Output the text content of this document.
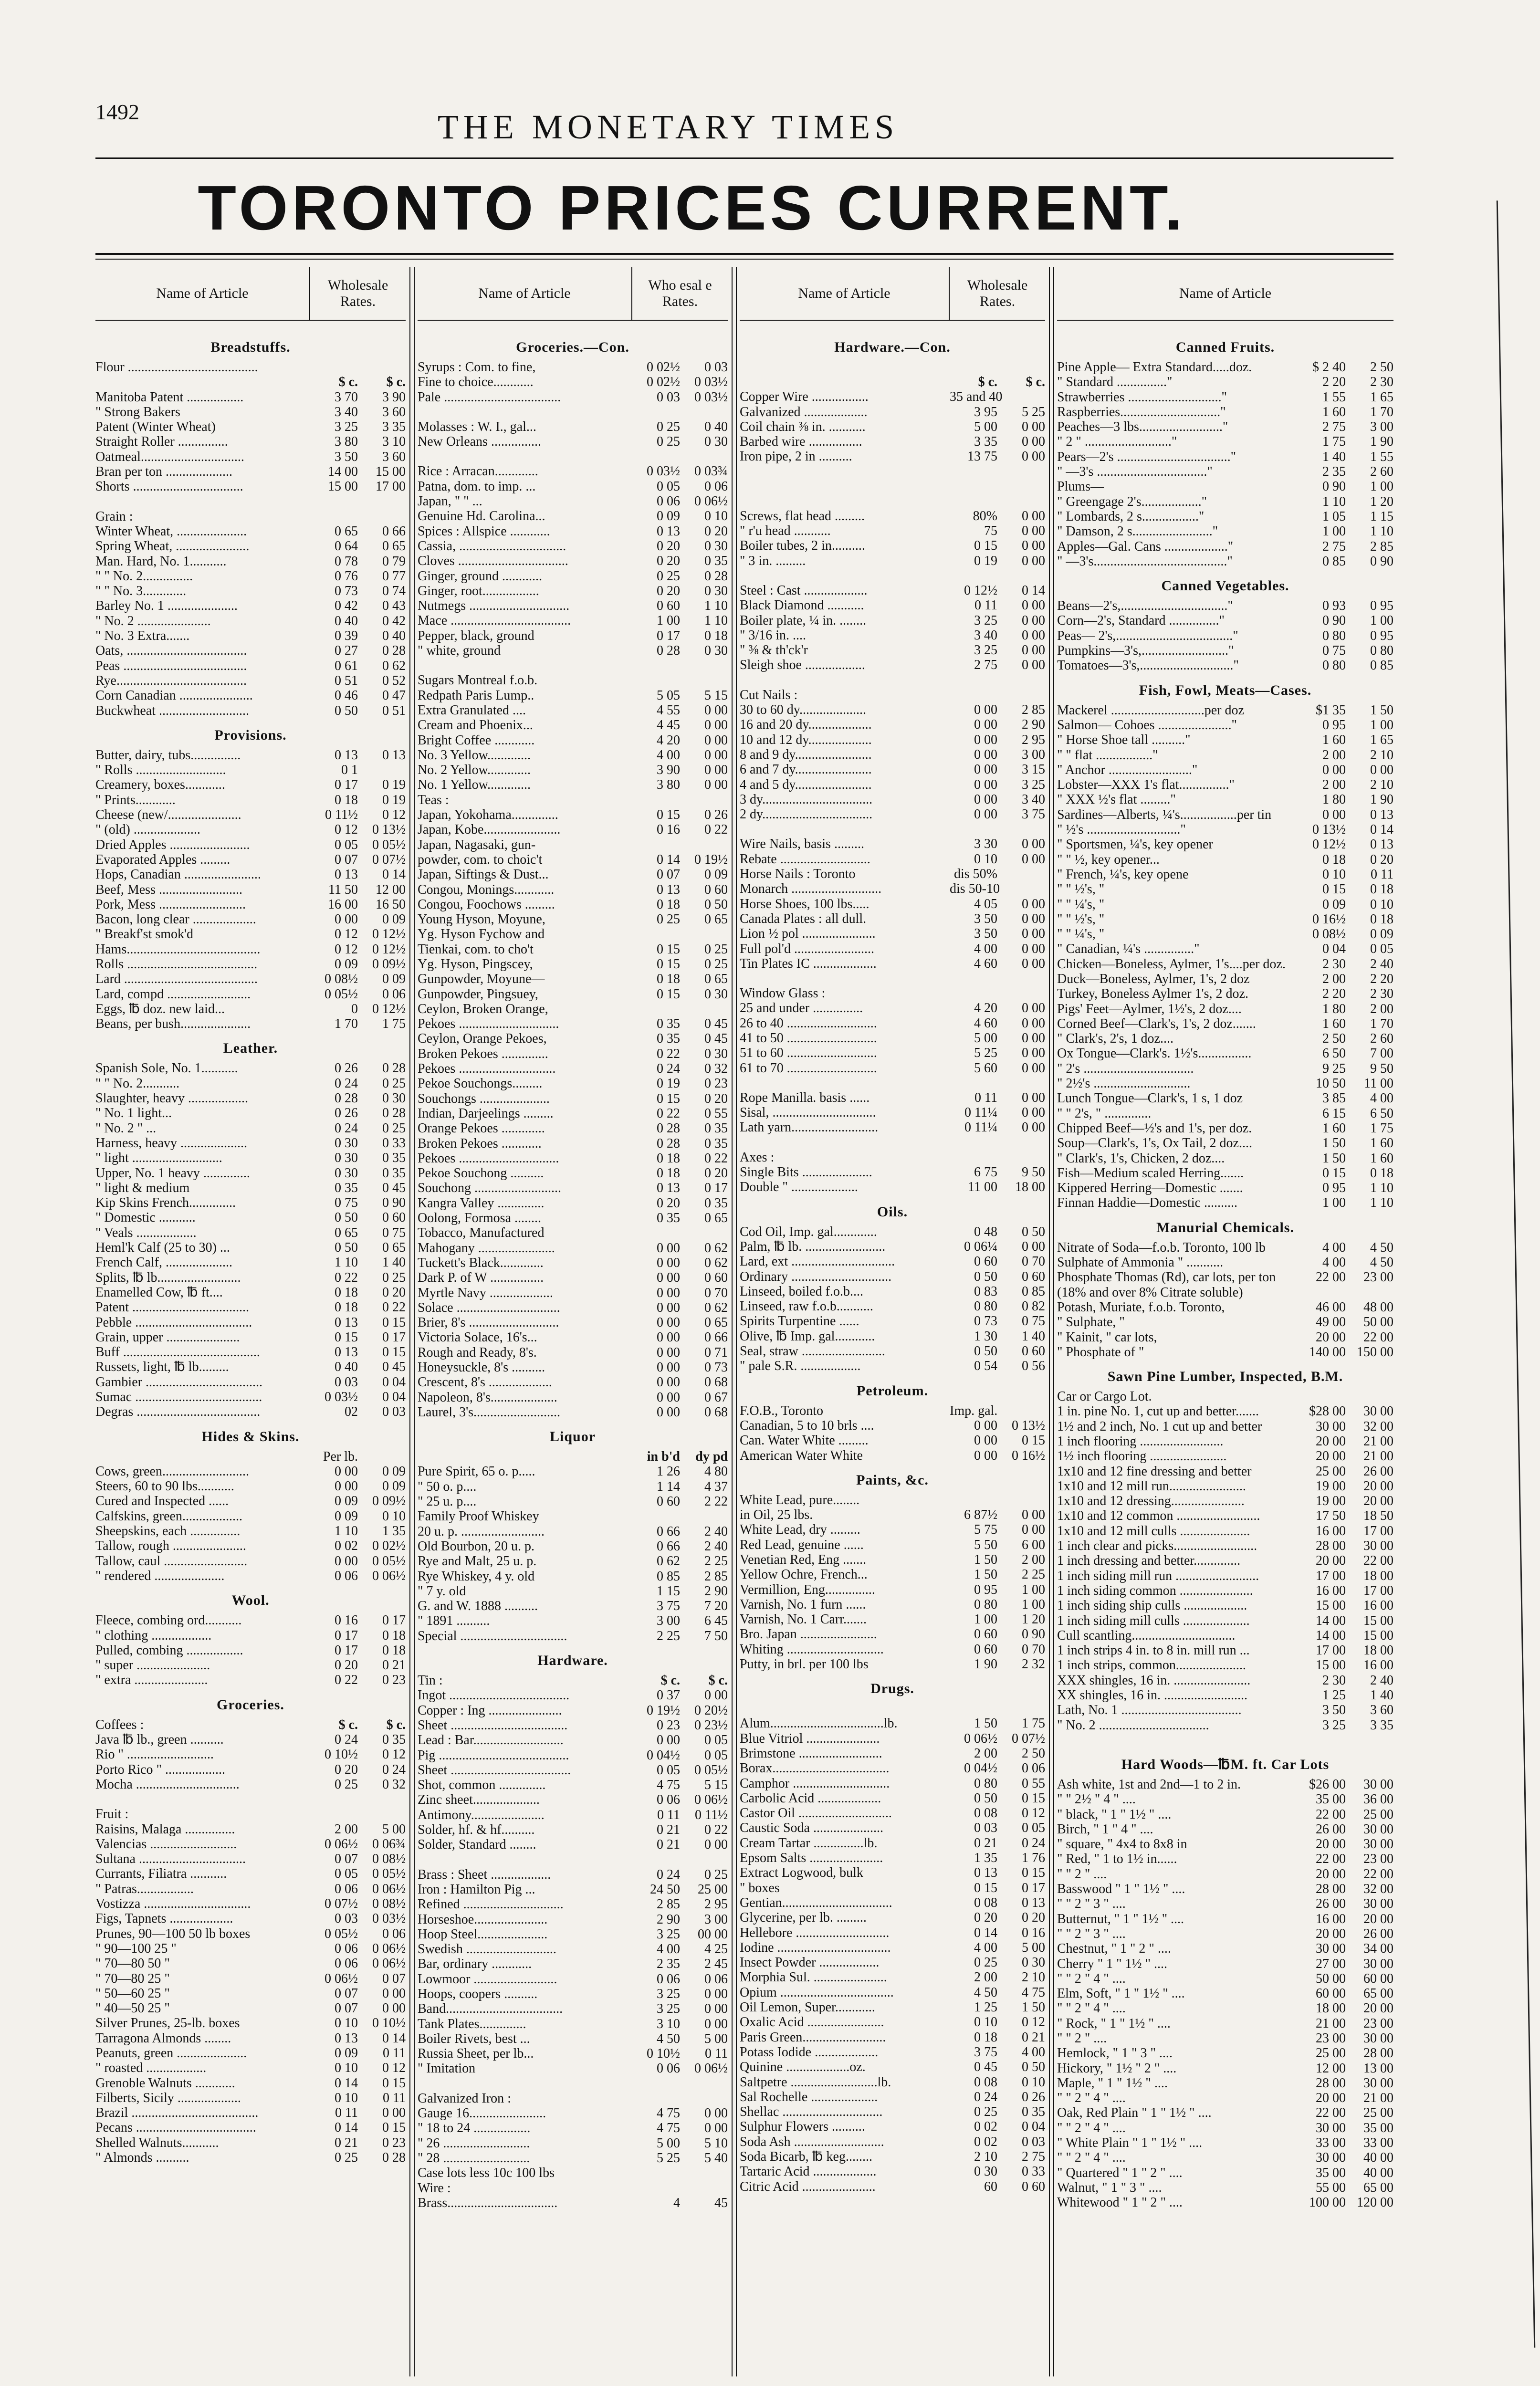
1492	THE MONETARY TIMES
TORONTO PRICES CURRENT.
Name of Article
Wholesale Rates.
Breadstuffs.
Flour .......................................
$ c.	$ c.
Manitoba Patent .................	3 70	3 90
" Strong Bakers	3 40	3 60
Patent (Winter Wheat)	3 25	3 35
Straight Roller ...............	3 80	3 10
Oatmeal...............................	3 50	3 60
Bran per ton ....................	14 00	15 00
Shorts .................................	15 00	17 00
Grain :
Winter Wheat, .....................	0 65	0 66
Spring Wheat, ......................	0 64	0 65
Man. Hard, No. 1...........	0 78	0 79
" " No. 2...............	0 76	0 77
" " No. 3.............	0 73	0 74
Barley No. 1 .....................	0 42	0 43
" No. 2 ......................	0 40	0 42
" No. 3 Extra.......	0 39	0 40
Oats, ....................................	0 27	0 28
Peas .....................................	0 61	0 62
Rye.......................................	0 51	0 52
Corn Canadian ......................	0 46	0 47
Buckwheat ...........................	0 50	0 51
Provisions.
Butter, dairy, tubs...............	0 13	0 13
" Rolls ...........................	0 1
Creamery, boxes............	0 17	0 19
" Prints............	0 18	0 19
Cheese (new/......................	0 11½	0 12
" (old) ....................	0 12	0 13½
Dried Apples ........................	0 05	0 05½
Evaporated Apples .........	0 07	0 07½
Hops, Canadian .......................	0 13	0 14
Beef, Mess .........................	11 50	12 00
Pork, Mess ..........................	16 00	16 50
Bacon, long clear ...................	0 00	0 09
" Breakf'st smok'd	0 12	0 12½
Hams........................................	0 12	0 12½
Rolls .......................................	0 09	0 09½
Lard ........................................	0 08½	0 09
Lard, compd .........................	0 05½	0 06
Eggs, ℔ doz. new laid...	0	0 12½
Beans, per bush.....................	1 70	1 75
Leather.
Spanish Sole, No. 1...........	0 26	0 28
" " No. 2...........	0 24	0 25
Slaughter, heavy ..................	0 28	0 30
" No. 1 light...	0 26	0 28
" No. 2 " ...	0 24	0 25
Harness, heavy ....................	0 30	0 33
" light ...........................	0 30	0 35
Upper, No. 1 heavy ..............	0 30	0 35
" light & medium	0 35	0 45
Kip Skins French..............	0 75	0 90
" Domestic ...........	0 50	0 60
" Veals ..................	0 65	0 75
Heml'k Calf (25 to 30) ...	0 50	0 65
French Calf, ....................	1 10	1 40
Splits, ℔ lb.........................	0 22	0 25
Enamelled Cow, ℔ ft....	0 18	0 20
Patent ...................................	0 18	0 22
Pebble ...................................	0 13	0 15
Grain, upper ......................	0 15	0 17
Buff .........................................	0 13	0 15
Russets, light, ℔ lb.........	0 40	0 45
Gambier ...................................	0 03	0 04
Sumac ......................................	0 03½	0 04
Degras .....................................	02	0 03
Hides & Skins.
Per lb.
Cows, green..........................	0 00	0 09
Steers, 60 to 90 lbs...........	0 00	0 09
Cured and Inspected ......	0 09	0 09½
Calfskins, green..................	0 09	0 10
Sheepskins, each ...............	1 10	1 35
Tallow, rough ......................	0 02	0 02½
Tallow, caul .........................	0 00	0 05½
" rendered .....................	0 06	0 06½
Wool.
Fleece, combing ord...........	0 16	0 17
" clothing ..................	0 17	0 18
Pulled, combing .................	0 17	0 18
" super ......................	0 20	0 21
" extra ......................	0 22	0 23
Groceries.
Coffees :	$ c.	$ c.
Java ℔ lb., green ..........	0 24	0 35
Rio " ..........................	0 10½	0 12
Porto Rico " ..................	0 20	0 24
Mocha ...............................	0 25	0 32
Fruit :
Raisins, Malaga ...............	2 00	5 00
Valencias ..........................	0 06½	0 06¾
Sultana ................................	0 07	0 08½
Currants, Filiatra ...........	0 05	0 05½
" Patras.................	0 06	0 06½
Vostizza ................................	0 07½	0 08½
Figs, Tapnets ...................	0 03	0 03½
Prunes, 90—100 50 lb boxes	0 05½	0 06
" 90—100 25 "	0 06	0 06½
" 70—80 50 "	0 06	0 06½
" 70—80 25 "	0 06½	0 07
" 50—60 25 "	0 07	0 00
" 40—50 25 "	0 07	0 00
Silver Prunes, 25-lb. boxes	0 10	0 10½
Tarragona Almonds ........	0 13	0 14
Peanuts, green .....................	0 09	0 11
" roasted ..................	0 10	0 12
Grenoble Walnuts ............	0 14	0 15
Filberts, Sicily ...................	0 10	0 11
Brazil ......................................	0 11	0 00
Pecans ....................................	0 14	0 15
Shelled Walnuts...........	0 21	0 23
" Almonds ..........	0 25	0 28
Name of Article
Who esal e Rates.
Groceries.—Con.
Syrups : Com. to fine,	0 02½	0 03
Fine to choice............	0 02½	0 03½
Pale ...................................	0 03	0 03½
Molasses : W. I., gal...	0 25	0 40
New Orleans ...............	0 25	0 30
Rice : Arracan.............	0 03½	0 03¾
Patna, dom. to imp. ...	0 05	0 06
Japan, " " ...	0 06	0 06½
Genuine Hd. Carolina...	0 09	0 10
Spices : Allspice ............	0 13	0 20
Cassia, ................................	0 20	0 30
Cloves .................................	0 20	0 35
Ginger, ground ............	0 25	0 28
Ginger, root.................	0 20	0 30
Nutmegs ..............................	0 60	1 10
Mace ....................................	1 00	1 10
Pepper, black, ground	0 17	0 18
" white, ground	0 28	0 30
Sugars Montreal f.o.b.
Redpath Paris Lump..	5 05	5 15
Extra Granulated ....	4 55	0 00
Cream and Phoenix...	4 45	0 00
Bright Coffee ............	4 20	0 00
No. 3 Yellow.............	4 00	0 00
No. 2 Yellow.............	3 90	0 00
No. 1 Yellow.............	3 80	0 00
Teas :
Japan, Yokohama..............	0 15	0 26
Japan, Kobe.......................	0 16	0 22
Japan, Nagasaki, gun-
powder, com. to choic't	0 14	0 19½
Japan, Siftings & Dust...	0 07	0 09
Congou, Monings............	0 13	0 60
Congou, Foochows .........	0 18	0 50
Young Hyson, Moyune,	0 25	0 65
Yg. Hyson Fychow and
Tienkai, com. to cho't	0 15	0 25
Yg. Hyson, Pingscey,	0 15	0 25
Gunpowder, Moyune—	0 18	0 65
Gunpowder, Pingsuey,	0 15	0 30
Ceylon, Broken Orange,
Pekoes ..............................	0 35	0 45
Ceylon, Orange Pekoes,	0 35	0 45
Broken Pekoes ..............	0 22	0 30
Pekoes .............................	0 24	0 32
Pekoe Souchongs.........	0 19	0 23
Souchongs .....................	0 15	0 20
Indian, Darjeelings .........	0 22	0 55
Orange Pekoes .............	0 28	0 35
Broken Pekoes ............	0 28	0 35
Pekoes ..............................	0 18	0 22
Pekoe Souchong ..........	0 18	0 20
Souchong ..........................	0 13	0 17
Kangra Valley ..............	0 20	0 35
Oolong, Formosa ........	0 35	0 65
Tobacco, Manufactured
Mahogany .......................	0 00	0 62
Tuckett's Black.............	0 00	0 62
Dark P. of W ................	0 00	0 60
Myrtle Navy ...................	0 00	0 70
Solace ...............................	0 00	0 62
Brier, 8's ...........................	0 00	0 65
Victoria Solace, 16's...	0 00	0 66
Rough and Ready, 8's.	0 00	0 71
Honeysuckle, 8's ..........	0 00	0 73
Crescent, 8's ...................	0 00	0 68
Napoleon, 8's....................	0 00	0 67
Laurel, 3's..........................	0 00	0 68
Liquor
in b'd	dy pd
Pure Spirit, 65 o. p.....	1 26	4 80
" 50 o. p....	1 14	4 37
" 25 u. p....	0 60	2 22
Family Proof Whiskey
20 u. p. .........................	0 66	2 40
Old Bourbon, 20 u. p.	0 66	2 40
Rye and Malt, 25 u. p.	0 62	2 25
Rye Whiskey, 4 y. old	0 85	2 85
" 7 y. old	1 15	2 90
G. and W. 1888 ..........	3 75	7 20
" 1891 ..........	3 00	6 45
Special ................................	2 25	7 50
Hardware.
Tin :	$ c.	$ c.
Ingot ....................................	0 37	0 00
Copper : Ing ......................	0 19½	0 20½
Sheet ...................................	0 23	0 23½
Lead : Bar...........................	0 00	0 05
Pig .......................................	0 04½	0 05
Sheet ....................................	0 05	0 05½
Shot, common ..............	4 75	5 15
Zinc sheet....................	0 06	0 06½
Antimony......................	0 11	0 11½
Solder, hf. & hf..........	0 21	0 22
Solder, Standard ........	0 21	0 00
Brass : Sheet ..................	0 24	0 25
Iron : Hamilton Pig ...	24 50	25 00
Refined ..............................	2 85	2 95
Horseshoe......................	2 90	3 00
Hoop Steel.....................	3 25	00 00
Swedish ...........................	4 00	4 25
Bar, ordinary ............	2 35	2 45
Lowmoor .........................	0 06	0 06
Hoops, coopers ..........	3 25	0 00
Band...................................	3 25	0 00
Tank Plates..............	3 10	0 00
Boiler Rivets, best ...	4 50	5 00
Russia Sheet, per lb...	0 10½	0 11
" Imitation	0 06	0 06½
Galvanized Iron :
Gauge 16.......................	4 75	0 00
" 18 to 24 .................	4 75	0 00
" 26 ..........................	5 00	5 10
" 28 ..........................	5 25	5 40
Case lots less 10c 100 lbs
Wire :
Brass.................................	4	45
Name of Article
Wholesale Rates.
Hardware.—Con.
$ c.	$ c.
Copper Wire .................	35 and 40
Galvanized ...................	3 95	5 25
Coil chain ⅜ in. ...........	5 00	0 00
Barbed wire ................	3 35	0 00
Iron pipe, 2 in ..........	13 75	0 00
Screws, flat head .........	80%	0 00
" r'u head ...........	75	0 00
Boiler tubes, 2 in..........	0 15	0 00
" 3 in. .........	0 19	0 00
Steel : Cast ...................	0 12½	0 14
Black Diamond ...........	0 11	0 00
Boiler plate, ¼ in. ........	3 25	0 00
" 3/16 in. ....	3 40	0 00
" ⅜ & th'ck'r	3 25	0 00
Sleigh shoe ..................	2 75	0 00
Cut Nails :
30 to 60 dy....................	0 00	2 85
16 and 20 dy...................	0 00	2 90
10 and 12 dy...................	0 00	2 95
8 and 9 dy.......................	0 00	3 00
6 and 7 dy.......................	0 00	3 15
4 and 5 dy.......................	0 00	3 25
3 dy.................................	0 00	3 40
2 dy.................................	0 00	3 75
Wire Nails, basis .........	3 30	0 00
Rebate ...........................	0 10	0 00
Horse Nails : Toronto	dis 50%
Monarch ...........................	dis 50-10
Horse Shoes, 100 lbs.....	4 05	0 00
Canada Plates : all dull.	3 50	0 00
Lion ½ pol ......................	3 50	0 00
Full pol'd ........................	4 00	0 00
Tin Plates IC ...................	4 60	0 00
Window Glass :
25 and under ...............	4 20	0 00
26 to 40 ...........................	4 60	0 00
41 to 50 ...........................	5 00	0 00
51 to 60 ...........................	5 25	0 00
61 to 70 ...........................	5 60	0 00
Rope Manilla. basis ......	0 11	0 00
Sisal, ...............................	0 11¼	0 00
Lath yarn..........................	0 11¼	0 00
Axes :
Single Bits .....................	6 75	9 50
Double " ....................	11 00	18 00
Oils.
Cod Oil, Imp. gal.............	0 48	0 50
Palm, ℔ lb. ........................	0 06¼	0 00
Lard, ext ...............................	0 60	0 70
Ordinary ..............................	0 50	0 60
Linseed, boiled f.o.b....	0 83	0 85
Linseed, raw f.o.b...........	0 80	0 82
Spirits Turpentine ......	0 73	0 75
Olive, ℔ Imp. gal............	1 30	1 40
Seal, straw .........................	0 50	0 60
" pale S.R. ..................	0 54	0 56
Petroleum.
F.O.B., Toronto	Imp. gal.
Canadian, 5 to 10 brls ....	0 00	0 13½
Can. Water White .........	0 00	0 15
American Water White	0 00	0 16½
Paints, &c.
White Lead, pure........
in Oil, 25 lbs.	6 87½	0 00
White Lead, dry .........	5 75	0 00
Red Lead, genuine ......	5 50	6 00
Venetian Red, Eng .......	1 50	2 00
Yellow Ochre, French...	1 50	2 25
Vermillion, Eng...............	0 95	1 00
Varnish, No. 1 furn ......	0 80	1 00
Varnish, No. 1 Carr.......	1 00	1 20
Bro. Japan .......................	0 60	0 90
Whiting .............................	0 60	0 70
Putty, in brl. per 100 lbs	1 90	2 32
Drugs.
Alum..................................lb.	1 50	1 75
Blue Vitriol ......................	0 06½	0 07½
Brimstone .........................	2 00	2 50
Borax...................................	0 04½	0 06
Camphor .............................	0 80	0 55
Carbolic Acid ...................	0 50	0 15
Castor Oil ............................	0 08	0 12
Caustic Soda .....................	0 03	0 05
Cream Tartar ...............lb.	0 21	0 24
Epsom Salts ......................	1 35	1 76
Extract Logwood, bulk	0 13	0 15
" boxes	0 15	0 17
Gentian.................................	0 08	0 13
Glycerine, per lb. .........	0 20	0 20
Hellebore ............................	0 14	0 16
Iodine ..................................	4 00	5 00
Insect Powder ..................	0 25	0 30
Morphia Sul. ......................	2 00	2 10
Opium ..................................	4 50	4 75
Oil Lemon, Super............	1 25	1 50
Oxalic Acid .......................	0 10	0 12
Paris Green.........................	0 18	0 21
Potass Iodide ...................	3 75	4 00
Quinine ...................oz.	0 45	0 50
Saltpetre ..........................lb.	0 08	0 10
Sal Rochelle ....................	0 24	0 26
Shellac ..............................	0 25	0 35
Sulphur Flowers ..........	0 02	0 04
Soda Ash ...........................	0 02	0 03
Soda Bicarb, ℔ keg........	2 10	2 75
Tartaric Acid ...................	0 30	0 33
Citric Acid ......................	60	0 60
Name of Article
Canned Fruits.
Pine Apple— Extra Standard.....doz.	$ 2 40	2 50
" Standard ..............."	2 20	2 30
Strawberries ............................"	1 55	1 65
Raspberries.............................."	1 60	1 70
Peaches—3 lbs........................."	2 75	3 00
" 2 " .........................."	1 75	1 90
Pears—2's .................................."	1 40	1 55
" —3's ................................."	2 35	2 60
Plums—	0 90	1 00
" Greengage 2's.................."	1 10	1 20
" Lombards, 2 s................."	1 05	1 15
" Damson, 2 s........................"	1 00	1 10
Apples—Gal. Cans ..................."	2 75	2 85
" —3's........................................"	0 85	0 90
Canned Vegetables.
Beans—2's,................................"	0 93	0 95
Corn—2's, Standard ..............."	0 90	1 00
Peas— 2's,..................................."	0 80	0 95
Pumpkins—3's,.........................."	0 75	0 80
Tomatoes—3's,............................"	0 80	0 85
Fish, Fowl, Meats—Cases.
Mackerel ............................per doz	$1 35	1 50
Salmon— Cohoes ......................"	0 95	1 00
" Horse Shoe tall .........."	1 60	1 65
" " flat ................."	2 00	2 10
" Anchor ........................."	0 00	0 00
Lobster—XXX 1's flat..............."	2 00	2 10
" XXX ½'s flat ........."	1 80	1 90
Sardines—Alberts, ¼'s.................per tin	0 00	0 13
" ½'s ............................"	0 13½	0 14
" Sportsmen, ¼'s, key opener	0 12½	0 13
" " ½, key opener...	0 18	0 20
" French, ¼'s, key opene	0 10	0 11
" " ½'s, "	0 15	0 18
" " ¼'s, "	0 09	0 10
" " ½'s, "	0 16½	0 18
" " ¼'s, "	0 08½	0 09
" Canadian, ¼'s ..............."	0 04	0 05
Chicken—Boneless, Aylmer, 1's....per doz.	2 30	2 40
Duck—Boneless, Aylmer, 1's, 2 doz	2 00	2 20
Turkey, Boneless Aylmer 1's, 2 doz.	2 20	2 30
Pigs' Feet—Aylmer, 1½'s, 2 doz....	1 80	2 00
Corned Beef—Clark's, 1's, 2 doz.......	1 60	1 70
" Clark's, 2's, 1 doz....	2 50	2 60
Ox Tongue—Clark's. 1½'s................	6 50	7 00
" 2's .................................	9 25	9 50
" 2½'s .............................	10 50	11 00
Lunch Tongue—Clark's, 1 s, 1 doz	3 85	4 00
" " 2's, " ..............	6 15	6 50
Chipped Beef—½'s and 1's, per doz.	1 60	1 75
Soup—Clark's, 1's, Ox Tail, 2 doz....	1 50	1 60
" Clark's, 1's, Chicken, 2 doz....	1 50	1 60
Fish—Medium scaled Herring.......	0 15	0 18
Kippered Herring—Domestic .......	0 95	1 10
Finnan Haddie—Domestic ..........	1 00	1 10
Manurial Chemicals.
Nitrate of Soda—f.o.b. Toronto, 100 lb	4 00	4 50
Sulphate of Ammonia " ...........	4 00	4 50
Phosphate Thomas (Rd), car lots, per ton	22 00	23 00
(18% and over 8% Citrate soluble)
Potash, Muriate, f.o.b. Toronto,	46 00	48 00
" Sulphate, "	49 00	50 00
" Kainit, " car lots,	20 00	22 00
" Phosphate of "	140 00 150 00
Sawn Pine Lumber, Inspected, B.M.
Car or Cargo Lot.
1 in. pine No. 1, cut up and better.......	$28 00	30 00
1½ and 2 inch, No. 1 cut up and better	30 00	32 00
1 inch flooring .........................	20 00	21 00
1½ inch flooring .......................	20 00	21 00
1x10 and 12 fine dressing and better	25 00	26 00
1x10 and 12 mill run.......................	19 00	20 00
1x10 and 12 dressing......................	19 00	20 00
1x10 and 12 common .........................	17 50	18 50
1x10 and 12 mill culls .....................	16 00	17 00
1 inch clear and picks.........................	28 00	30 00
1 inch dressing and better..............	20 00	22 00
1 inch siding mill run .........................	17 00	18 00
1 inch siding common ......................	16 00	17 00
1 inch siding ship culls ...................	15 00	16 00
1 inch siding mill culls ....................	14 00	15 00
Cull scantling...............................	14 00	15 00
1 inch strips 4 in. to 8 in. mill run ...	17 00	18 00
1 inch strips, common.....................	15 00	16 00
XXX shingles, 16 in. .......................	2 30	2 40
XX shingles, 16 in. .........................	1 25	1 40
Lath, No. 1 ....................................	3 50	3 60
" No. 2 .................................	3 25	3 35
Hard Woods—℔M. ft. Car Lots
Ash white, 1st and 2nd—1 to 2 in.	$26 00	30 00
" " 2½ " 4 " ....	35 00	36 00
" black, " 1 " 1½ " ....	22 00	25 00
Birch, " 1 " 4 " ....	26 00	30 00
" square, " 4x4 to 8x8 in	20 00	30 00
" Red, " 1 to 1½ in......	22 00	23 00
" " 2 " ....	20 00	22 00
Basswood " 1 " 1½ " ....	28 00	32 00
" " 2 " 3 " ....	26 00	30 00
Butternut, " 1 " 1½ " ....	16 00	20 00
" " 2 " 3 " ....	20 00	26 00
Chestnut, " 1 " 2 " ....	30 00	34 00
Cherry " 1 " 1½ " ....	27 00	30 00
" " 2 " 4 " ....	50 00	60 00
Elm, Soft, " 1 " 1½ " ....	60 00	65 00
" " 2 " 4 " ....	18 00	20 00
" Rock, " 1 " 1½ " ....	21 00	23 00
" " 2 " ....	23 00	30 00
Hemlock, " 1 " 3 " ....	25 00	28 00
Hickory, " 1½ " 2 " ....	12 00	13 00
Maple, " 1 " 1½ " ....	28 00	30 00
" " 2 " 4 " ....	20 00	21 00
Oak, Red Plain " 1 " 1½ " ....	22 00	25 00
" " 2 " 4 " ....	30 00	35 00
" White Plain " 1 " 1½ " ....	33 00	33 00
" " 2 " 4 " ....	30 00	40 00
" Quartered " 1 " 2 " ....	35 00	40 00
Walnut, " 1 " 3 " ....	55 00	65 00
Whitewood " 1 " 2 " ....	100 00 120 00
